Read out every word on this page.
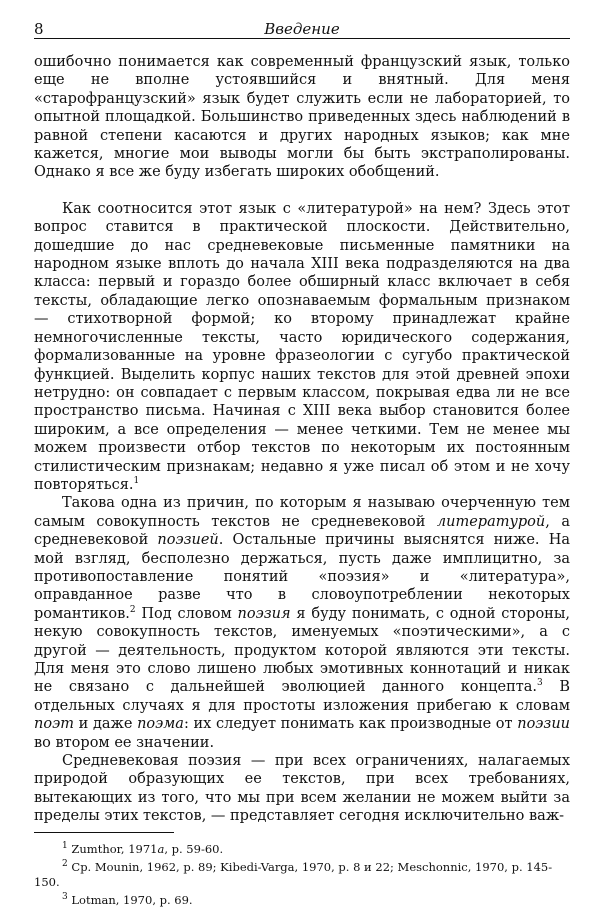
8	Введение

ошибочно понимается как современный французский язык, только еще не вполне устоявшийся и внятный. Для меня «старофранцузский» язык будет служить если не лабораторией, то опытной площадкой. Большинство приведенных здесь наблюдений в равной степени касаются и других народных языков; как мне кажется, многие мои выводы могли бы быть экстраполированы. Однако я все же буду избегать широких обобщений.

Как соотносится этот язык с «литературой» на нем? Здесь этот вопрос ставится в практической плоскости. Действительно, дошедшие до нас средневековые письменные памятники на народном языке вплоть до начала XIII века подразделяются на два класса: первый и гораздо более обширный класс включает в себя тексты, обладающие легко опознаваемым формальным признаком — стихотворной формой; ко второму принадлежат крайне немногочисленные тексты, часто юридического содержания, формализованные на уровне фразеологии с сугубо практической функцией. Выделить корпус наших текстов для этой древней эпохи нетрудно: он совпадает с первым классом, покрывая едва ли не все пространство письма. Начиная с XIII века выбор становится более широким, а все определения — менее четкими. Тем не менее мы можем произвести отбор текстов по некоторым их постоянным стилистическим признакам; недавно я уже писал об этом и не хочу повторяться.$^1$

Такова одна из причин, по которым я называю очерченную тем самым совокупность текстов не средневековой литературой, а средневековой поэзией. Остальные причины выяснятся ниже. На мой взгляд, бесполезно держаться, пусть даже имплицитно, за противопоставление понятий «поэзия» и «литература», оправданное разве что в словоупотреблении некоторых романтиков.$^2$ Под словом поэзия я буду понимать, с одной стороны, некую совокупность текстов, именуемых «поэтическими», а с другой — деятельность, продуктом которой являются эти тексты. Для меня это слово лишено любых эмотивных коннотаций и никак не связано с дальнейшей эволюцией данного концепта.$^3$ В отдельных случаях я для простоты изложения прибегаю к словам поэт и даже поэма: их следует понимать как производные от поэзии во втором ее значении.

Средневековая поэзия — при всех ограничениях, налагаемых природой образующих ее текстов, при всех требованиях, вытекающих из того, что мы при всем желании не можем выйти за пределы этих текстов, — представляет сегодня исключительно важ-

$^1$ Zumthor, 1971a, p. 59-60.

$^2$ Cp. Mounin, 1962, p. 89; Kibedi-Varga, 1970, p. 8 и 22; Meschonnic, 1970, p. 145-150.

$^3$ Lotman, 1970, p. 69.
